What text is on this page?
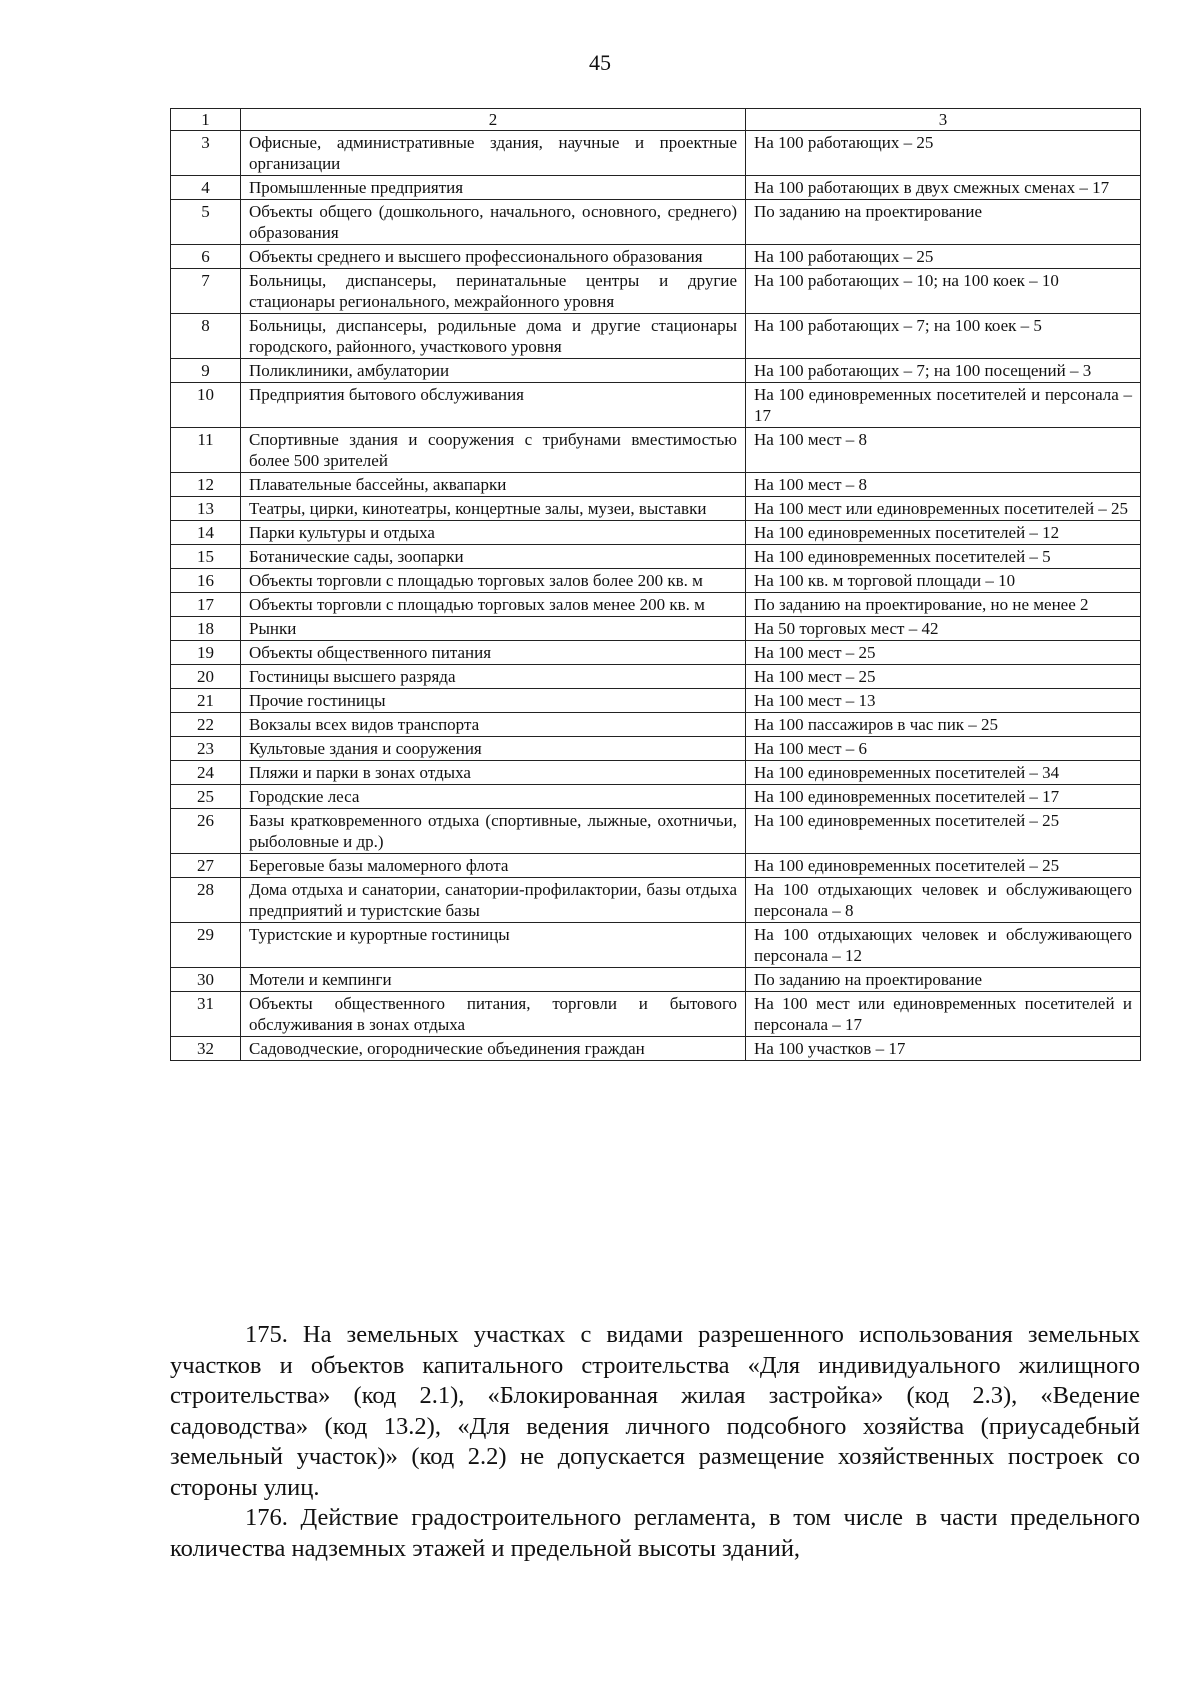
45
1	2	3
3	Офисные, административные здания, научные и проектные организации	На 100 работающих – 25
4	Промышленные предприятия	На 100 работающих в двух смежных сменах – 17
5	Объекты общего (дошкольного, начального, основного, среднего) образования	По заданию на проектирование
6	Объекты среднего и высшего профессионального образования	На 100 работающих – 25
7	Больницы, диспансеры, перинатальные центры и другие стационары регионального, межрайонного уровня	На 100 работающих – 10; на 100 коек – 10
8	Больницы, диспансеры, родильные дома и другие стационары городского, районного, участкового уровня	На 100 работающих – 7; на 100 коек – 5
9	Поликлиники, амбулатории	На 100 работающих – 7; на 100 посещений – 3
10	Предприятия бытового обслуживания	На 100 единовременных посетителей и персонала – 17
11	Спортивные здания и сооружения с трибунами вместимостью более 500 зрителей	На 100 мест – 8
12	Плавательные бассейны, аквапарки	На 100 мест – 8
13	Театры, цирки, кинотеатры, концертные залы, музеи, выставки	На 100 мест или единовременных посетителей – 25
14	Парки культуры и отдыха	На 100 единовременных посетителей – 12
15	Ботанические сады, зоопарки	На 100 единовременных посетителей – 5
16	Объекты торговли с площадью торговых залов более 200 кв. м	На 100 кв. м торговой площади – 10
17	Объекты торговли с площадью торговых залов менее 200 кв. м	По заданию на проектирование, но не менее 2
18	Рынки	На 50 торговых мест – 42
19	Объекты общественного питания	На 100 мест – 25
20	Гостиницы высшего разряда	На 100 мест – 25
21	Прочие гостиницы	На 100 мест – 13
22	Вокзалы всех видов транспорта	На 100 пассажиров в час пик – 25
23	Культовые здания и сооружения	На 100 мест – 6
24	Пляжи и парки в зонах отдыха	На 100 единовременных посетителей – 34
25	Городские леса	На 100 единовременных посетителей – 17
26	Базы кратковременного отдыха (спортивные, лыжные, охотничьи, рыболовные и др.)	На 100 единовременных посетителей – 25
27	Береговые базы маломерного флота	На 100 единовременных посетителей – 25
28	Дома отдыха и санатории, санатории-профилактории, базы отдыха предприятий и туристские базы	На 100 отдыхающих человек и обслуживающего персонала – 8
29	Туристские и курортные гостиницы	На 100 отдыхающих человек и обслуживающего персонала – 12
30	Мотели и кемпинги	По заданию на проектирование
31	Объекты общественного питания, торговли и бытового обслуживания в зонах отдыха	На 100 мест или единовременных посетителей и персонала – 17
32	Садоводческие, огороднические объединения граждан	На 100 участков – 17

175. На земельных участках с видами разрешенного использования земельных участков и объектов капитального строительства «Для индивидуального жилищного строительства» (код 2.1), «Блокированная жилая застройка» (код 2.3), «Ведение садоводства» (код 13.2), «Для ведения личного подсобного хозяйства (приусадебный земельный участок)» (код 2.2) не допускается размещение хозяйственных построек со стороны улиц.

176. Действие градостроительного регламента, в том числе в части предельного количества надземных этажей и предельной высоты зданий,
